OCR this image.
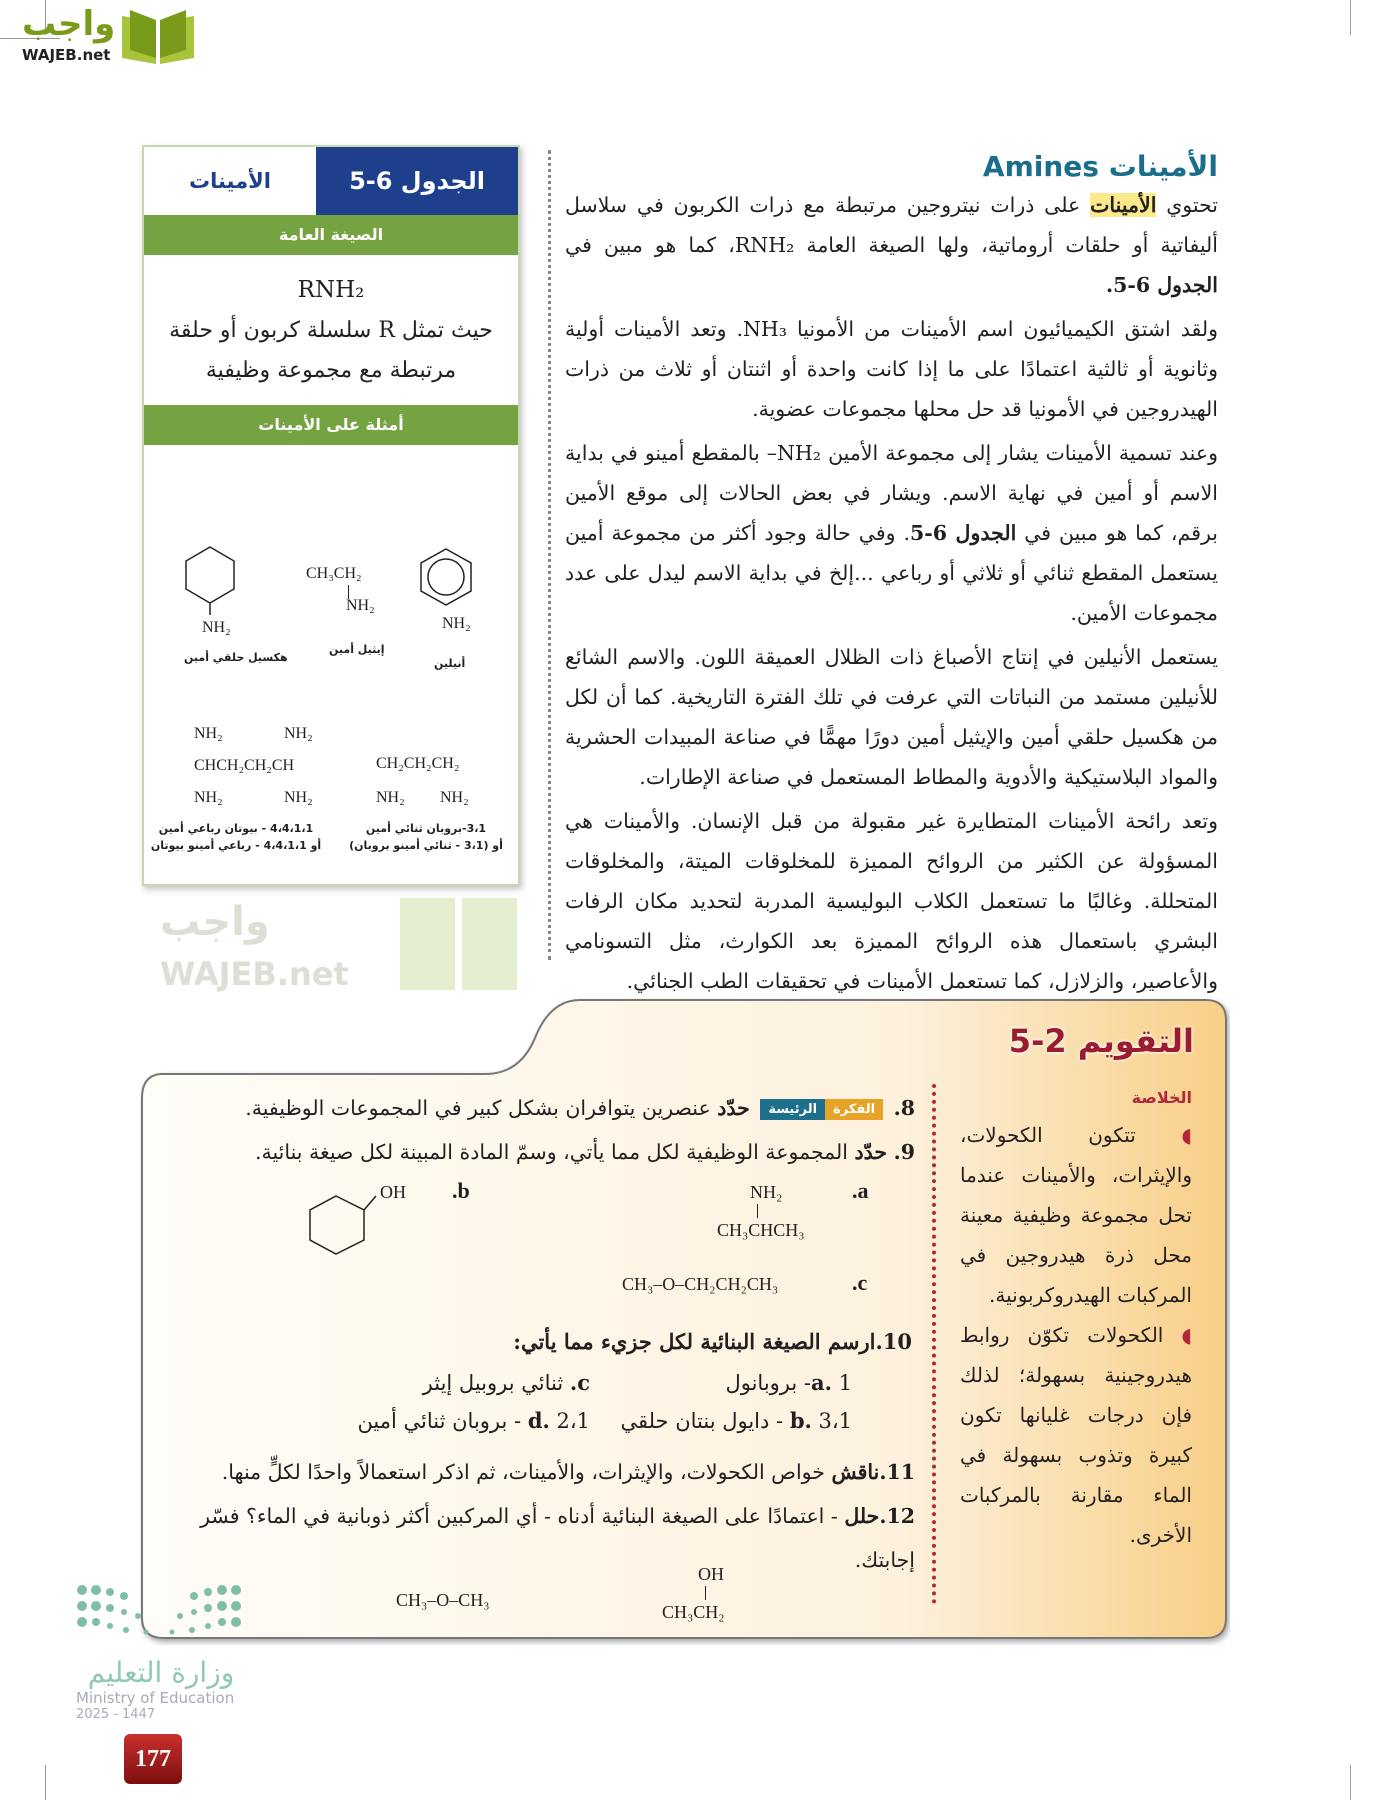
واجب
WAJEB.net
الجدول 6-5
الأمينات
الصيغة العامة
RNH₂
حيث تمثل R سلسلة كربون أو حلقة مرتبطة مع مجموعة وظيفية
أمثلة على الأمينات
NH₂
أنيلين
CH₃CH₂
NH₂
إيثيل أمين
NH₂
هكسيل حلقي أمين
CH₂CH₂CH₂
NH₂ NH₂
3،1-بروبان ثنائي أمين
أو (3،1 - ثنائي أمينو بروبان)
NH₂	NH₂
CHCH₂CH₂CH
NH₂	NH₂
4،4،1،1 - بيوتان رباعي أمين
أو 4،4،1،1 - رباعي أمينو بيوتان
الأمينات Amines

تحتوي الأمينات على ذرات نيتروجين مرتبطة مع ذرات الكربون في سلاسل أليفاتية أو حلقات أروماتية، ولها الصيغة العامة RNH₂، كما هو مبين في الجدول 6-5.

ولقد اشتق الكيميائيون اسم الأمينات من الأمونيا NH₃. وتعد الأمينات أولية وثانوية أو ثالثية اعتمادًا على ما إذا كانت واحدة أو اثنتان أو ثلاث من ذرات الهيدروجين في الأمونيا قد حل محلها مجموعات عضوية.

وعند تسمية الأمينات يشار إلى مجموعة الأمين NH₂– بالمقطع أمينو في بداية الاسم أو أمين في نهاية الاسم. ويشار في بعض الحالات إلى موقع الأمين برقم، كما هو مبين في الجدول 6-5. وفي حالة وجود أكثر من مجموعة أمين يستعمل المقطع ثنائي أو ثلاثي أو رباعي ...إلخ في بداية الاسم ليدل على عدد مجموعات الأمين.

يستعمل الأنيلين في إنتاج الأصباغ ذات الظلال العميقة اللون. والاسم الشائع للأنيلين مستمد من النباتات التي عرفت في تلك الفترة التاريخية. كما أن لكل من هكسيل حلقي أمين والإيثيل أمين دورًا مهمًّا في صناعة المبيدات الحشرية والمواد البلاستيكية والأدوية والمطاط المستعمل في صناعة الإطارات.

وتعد رائحة الأمينات المتطايرة غير مقبولة من قبل الإنسان. والأمينات هي المسؤولة عن الكثير من الروائح المميزة للمخلوقات الميتة، والمخلوقات المتحللة. وغالبًا ما تستعمل الكلاب البوليسية المدربة لتحديد مكان الرفات البشري باستعمال هذه الروائح المميزة بعد الكوارث، مثل التسونامي والأعاصير، والزلازل، كما تستعمل الأمينات في تحقيقات الطب الجنائي.

واجب
WAJEB.net
التقويم 2-5
الخلاصة

◖ تتكون الكحولات، والإيثرات، والأمينات عندما تحل مجموعة وظيفية معينة محل ذرة هيدروجين في المركبات الهيدروكربونية.

◖ الكحولات تكوّن روابط هيدروجينية بسهولة؛ لذلك فإن درجات غليانها تكون كبيرة وتذوب بسهولة في الماء مقارنة بالمركبات الأخرى.

8.
الفكرة
الرئيسة
حدّد عنصرين يتوافران بشكل كبير في المجموعات الوظيفية.

9. حدّد المجموعة الوظيفية لكل مما يأتي، وسمّ المادة المبينة لكل صيغة بنائية.

.a
NH₂
CH₃CHCH₃
.b
OH
.c
CH₃–O–CH₂CH₂CH₃

10.ارسم الصيغة البنائية لكل جزيء مما يأتي:

a. 1- بروبانول
b. 3،1 - دايول بنتان حلقي
c. ثنائي بروبيل إيثر
d. 2،1 - بروبان ثنائي أمين

11.ناقش خواص الكحولات، والإيثرات، والأمينات، ثم اذكر استعمالاً واحدًا لكلٍّ منها.

12.حلل - اعتمادًا على الصيغة البنائية أدناه - أي المركبين أكثر ذوبانية في الماء؟ فسّر إجابتك.

CH₃–O–CH₃
OH
CH₃CH₂
وزارة التعليم
Ministry of Education
2025 - 1447
177
